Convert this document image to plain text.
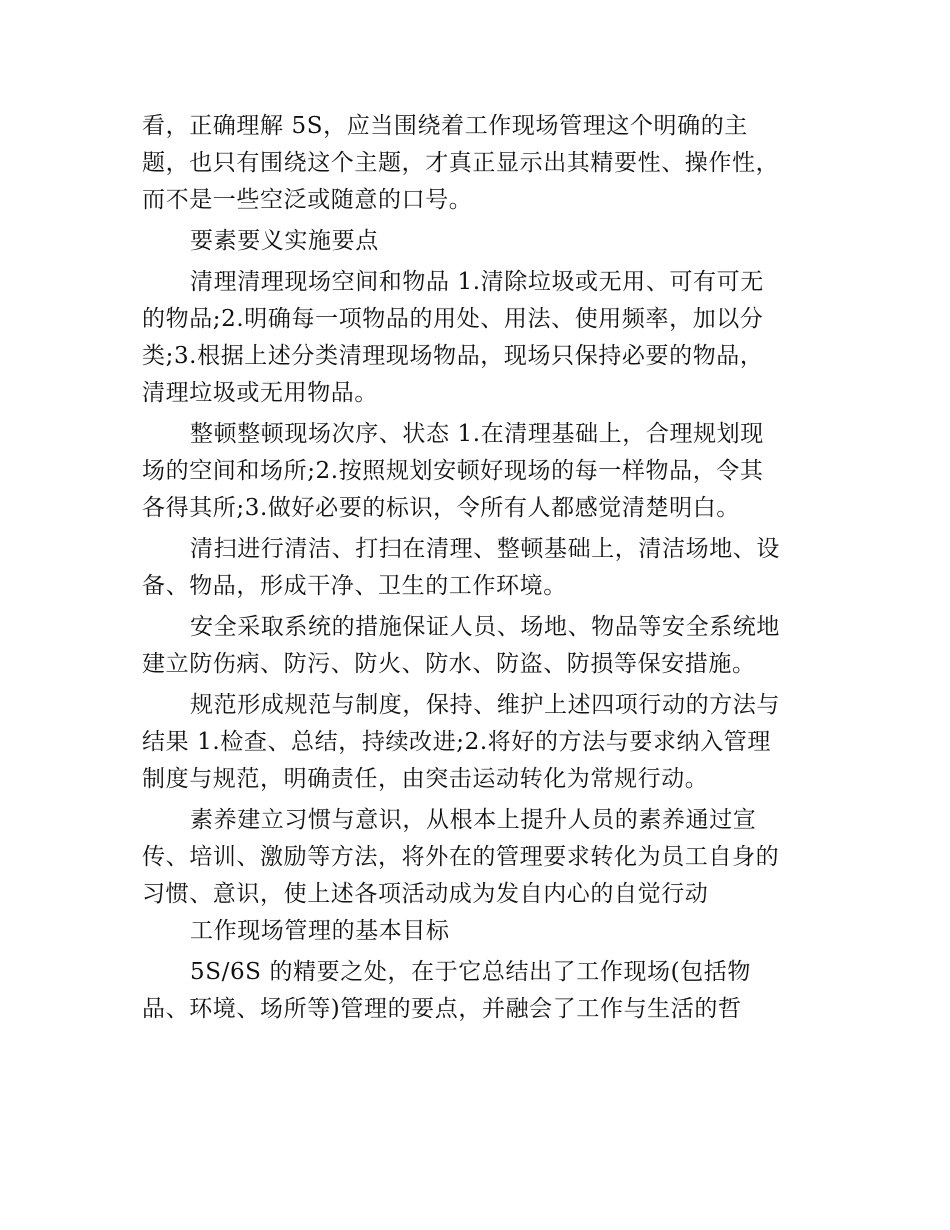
看，正确理解 5S，应当围绕着工作现场管理这个明确的主
题，也只有围绕这个主题，才真正显示出其精要性、操作性，
而不是一些空泛或随意的口号。
要素要义实施要点
清理清理现场空间和物品 1.清除垃圾或无用、可有可无
的物品;2.明确每一项物品的用处、用法、使用频率，加以分
类;3.根据上述分类清理现场物品，现场只保持必要的物品，
清理垃圾或无用物品。
整顿整顿现场次序、状态 1.在清理基础上，合理规划现
场的空间和场所;2.按照规划安顿好现场的每一样物品，令其
各得其所;3.做好必要的标识，令所有人都感觉清楚明白。
清扫进行清洁、打扫在清理、整顿基础上，清洁场地、设
备、物品，形成干净、卫生的工作环境。
安全采取系统的措施保证人员、场地、物品等安全系统地
建立防伤病、防污、防火、防水、防盗、防损等保安措施。
规范形成规范与制度，保持、维护上述四项行动的方法与
结果 1.检查、总结，持续改进;2.将好的方法与要求纳入管理
制度与规范，明确责任，由突击运动转化为常规行动。
素养建立习惯与意识，从根本上提升人员的素养通过宣
传、培训、激励等方法，将外在的管理要求转化为员工自身的
习惯、意识，使上述各项活动成为发自内心的自觉行动
工作现场管理的基本目标
5S/6S 的精要之处，在于它总结出了工作现场(包括物
品、环境、场所等)管理的要点，并融会了工作与生活的哲
